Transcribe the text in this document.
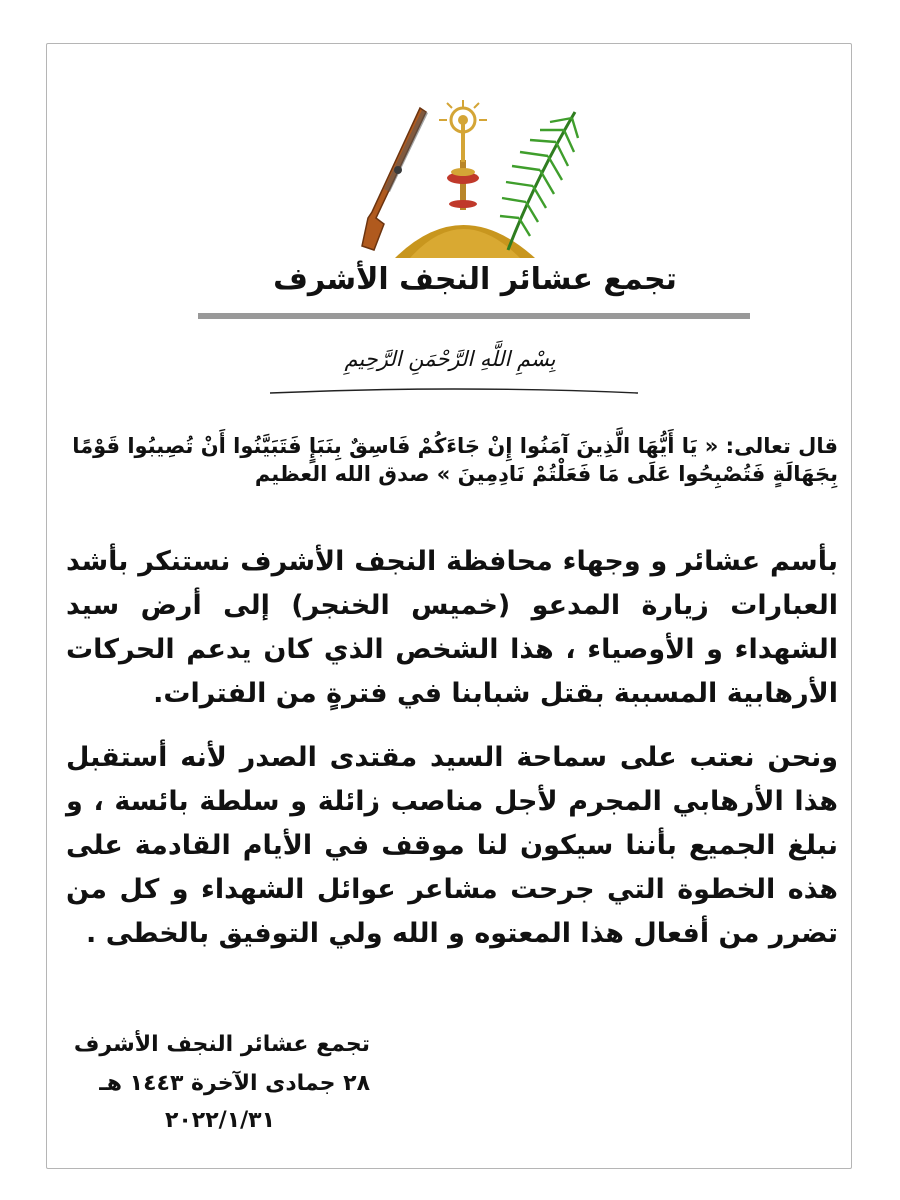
تجمع عشائر النجف الأشرف
بِسْمِ اللَّهِ الرَّحْمَنِ الرَّحِيمِ
قال تعالى: « يَا أَيُّهَا الَّذِينَ آمَنُوا إِنْ جَاءَكُمْ فَاسِقٌ بِنَبَإٍ فَتَبَيَّنُوا أَنْ تُصِيبُوا قَوْمًا بِجَهَالَةٍ فَتُصْبِحُوا عَلَى مَا فَعَلْتُمْ نَادِمِينَ » صدق الله العظيم
بأسم عشائر و وجهاء محافظة النجف الأشرف نستنكر بأشد العبارات زيارة المدعو (خميس الخنجر) إلى أرض سيد الشهداء و الأوصياء ، هذا الشخص الذي كان يدعم الحركات الأرهابية المسببة بقتل شبابنا في فترةٍ من الفترات.
ونحن نعتب على سماحة السيد مقتدى الصدر لأنه أستقبل هذا الأرهابي المجرم لأجل مناصب زائلة و سلطة بائسة ، و نبلغ الجميع بأننا سيكون لنا موقف في الأيام القادمة على هذه الخطوة التي جرحت مشاعر عوائل الشهداء و كل من تضرر من أفعال هذا المعتوه و الله ولي التوفيق بالخطى .
تجمع عشائر النجف الأشرف
٢٨ جمادى الآخرة ١٤٤٣ هـ
٢٠٢٢/١/٣١
